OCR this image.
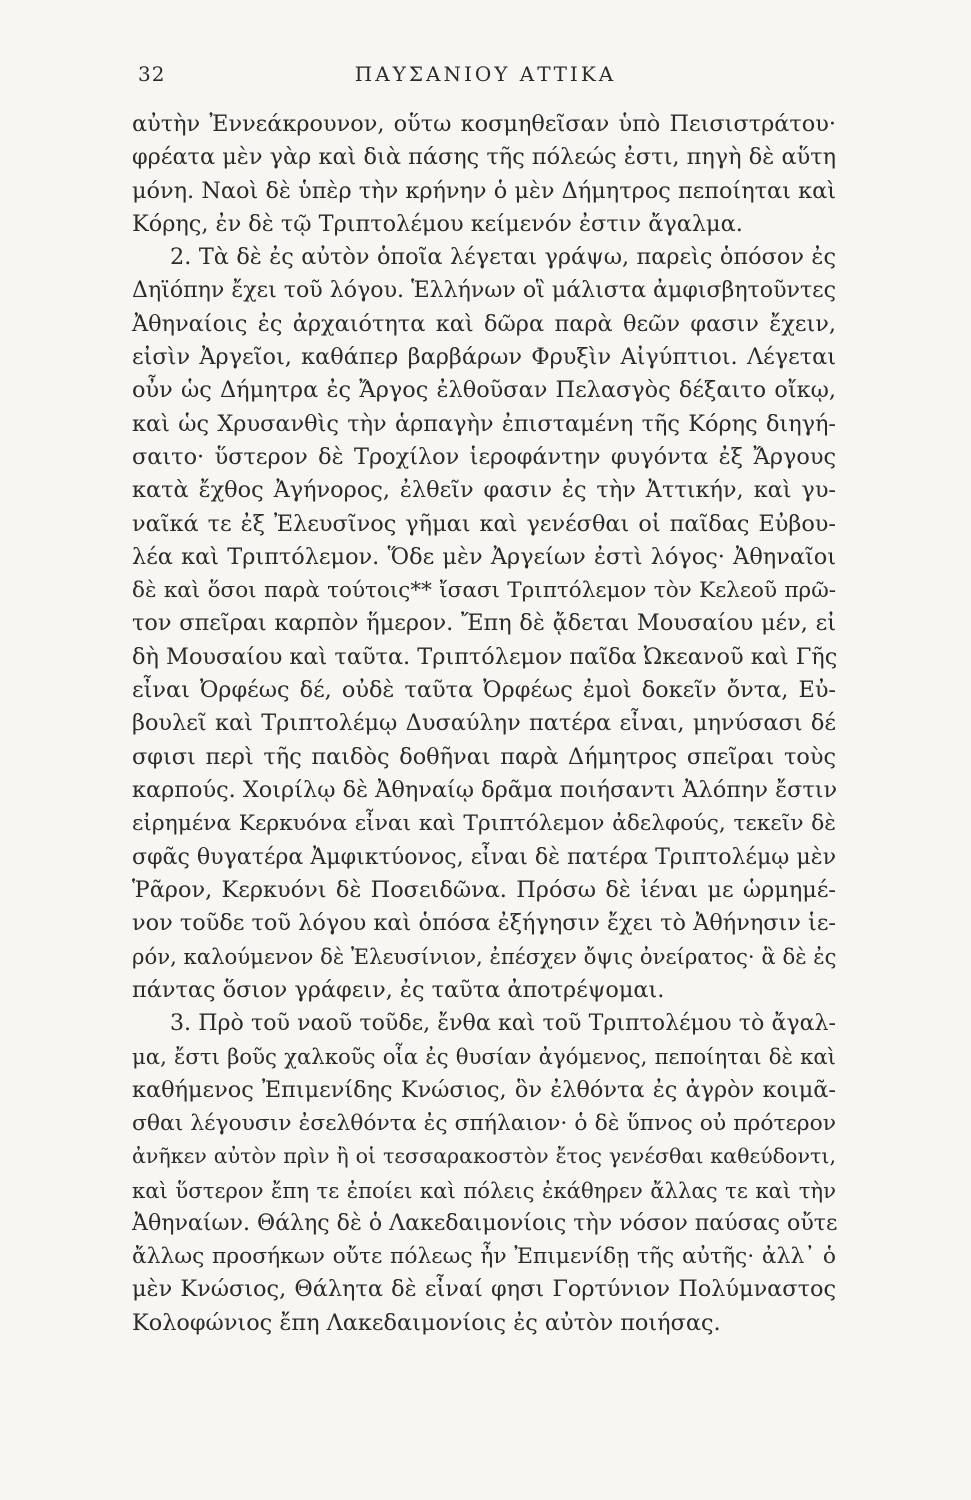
32	ΠΑΥΣΑΝΙΟΥ ΑΤΤΙΚΑ
αὐτὴν Ἐννεάκρουνον, οὕτω κοσμηθεῖσαν ὑπὸ Πεισιστράτου·
φρέατα μὲν γὰρ καὶ διὰ πάσης τῆς πόλεώς ἐστι, πηγὴ δὲ αὕτη
μόνη. Ναοὶ δὲ ὑπὲρ τὴν κρήνην ὁ μὲν Δήμητρος πεποίηται καὶ
Κόρης, ἐν δὲ τῷ Τριπτολέμου κείμενόν ἐστιν ἄγαλμα.
2. Τὰ δὲ ἐς αὐτὸν ὁποῖα λέγεται γράψω, παρεὶς ὁπόσον ἐς
Δηϊόπην ἔχει τοῦ λόγου. Ἑλλήνων οἳ μάλιστα ἀμφισβητοῦντες
Ἀθηναίοις ἐς ἀρχαιότητα καὶ δῶρα παρὰ θεῶν φασιν ἔχειν,
εἰσὶν Ἀργεῖοι, καθάπερ βαρβάρων Φρυξὶν Αἰγύπτιοι. Λέγεται
οὖν ὡς Δήμητρα ἐς Ἄργος ἐλθοῦσαν Πελασγὸς δέξαιτο οἴκῳ,
καὶ ὡς Χρυσανθὶς τὴν ἁρπαγὴν ἐπισταμένη τῆς Κόρης διηγή-
σαιτο· ὕστερον δὲ Τροχίλον ἱεροφάντην φυγόντα ἐξ Ἄργους
κατὰ ἔχθος Ἀγήνορος, ἐλθεῖν φασιν ἐς τὴν Ἀττικήν, καὶ γυ-
ναῖκά τε ἐξ Ἐλευσῖνος γῆμαι καὶ γενέσθαι οἱ παῖδας Εὐβου-
λέα καὶ Τριπτόλεμον. Ὅδε μὲν Ἀργείων ἐστὶ λόγος· Ἀθηναῖοι
δὲ καὶ ὅσοι παρὰ τούτοις** ἴσασι Τριπτόλεμον τὸν Κελεοῦ πρῶ-
τον σπεῖραι καρπὸν ἥμερον. Ἔπη δὲ ᾄδεται Μουσαίου μέν, εἰ
δὴ Μουσαίου καὶ ταῦτα. Τριπτόλεμον παῖδα Ὠκεανοῦ καὶ Γῆς
εἶναι Ὀρφέως δέ, οὐδὲ ταῦτα Ὀρφέως ἐμοὶ δοκεῖν ὄντα, Εὐ-
βουλεῖ καὶ Τριπτολέμῳ Δυσαύλην πατέρα εἶναι, μηνύσασι δέ
σφισι περὶ τῆς παιδὸς δοθῆναι παρὰ Δήμητρος σπεῖραι τοὺς
καρπούς. Χοιρίλῳ δὲ Ἀθηναίῳ δρᾶμα ποιήσαντι Ἀλόπην ἔστιν
εἰρημένα Κερκυόνα εἶναι καὶ Τριπτόλεμον ἀδελφούς, τεκεῖν δὲ
σφᾶς θυγατέρα Ἀμφικτύονος, εἶναι δὲ πατέρα Τριπτολέμῳ μὲν
Ῥᾶρον, Κερκυόνι δὲ Ποσειδῶνα. Πρόσω δὲ ἰέναι με ὡρμημέ-
νον τοῦδε τοῦ λόγου καὶ ὁπόσα ἐξήγησιν ἔχει τὸ Ἀθήνησιν ἱε-
ρόν, καλούμενον δὲ Ἐλευσίνιον, ἐπέσχεν ὄψις ὀνείρατος· ἃ δὲ ἐς
πάντας ὅσιον γράφειν, ἐς ταῦτα ἀποτρέψομαι.
3. Πρὸ τοῦ ναοῦ τοῦδε, ἔνθα καὶ τοῦ Τριπτολέμου τὸ ἄγαλ-
μα, ἔστι βοῦς χαλκοῦς οἷα ἐς θυσίαν ἀγόμενος, πεποίηται δὲ καὶ
καθήμενος Ἐπιμενίδης Κνώσιος, ὃν ἐλθόντα ἐς ἀγρὸν κοιμᾶ-
σθαι λέγουσιν ἐσελθόντα ἐς σπήλαιον· ὁ δὲ ὕπνος οὐ πρότερον
ἀνῆκεν αὐτὸν πρὶν ἢ οἱ τεσσαρακοστὸν ἔτος γενέσθαι καθεύδοντι,
καὶ ὕστερον ἔπη τε ἐποίει καὶ πόλεις ἐκάθηρεν ἄλλας τε καὶ τὴν
Ἀθηναίων. Θάλης δὲ ὁ Λακεδαιμονίοις τὴν νόσον παύσας οὔτε
ἄλλως προσήκων οὔτε πόλεως ἦν Ἐπιμενίδῃ τῆς αὐτῆς· ἀλλ᾽ ὁ
μὲν Κνώσιος, Θάλητα δὲ εἶναί φησι Γορτύνιον Πολύμναστος
Κολοφώνιος ἔπη Λακεδαιμονίοις ἐς αὐτὸν ποιήσας.
